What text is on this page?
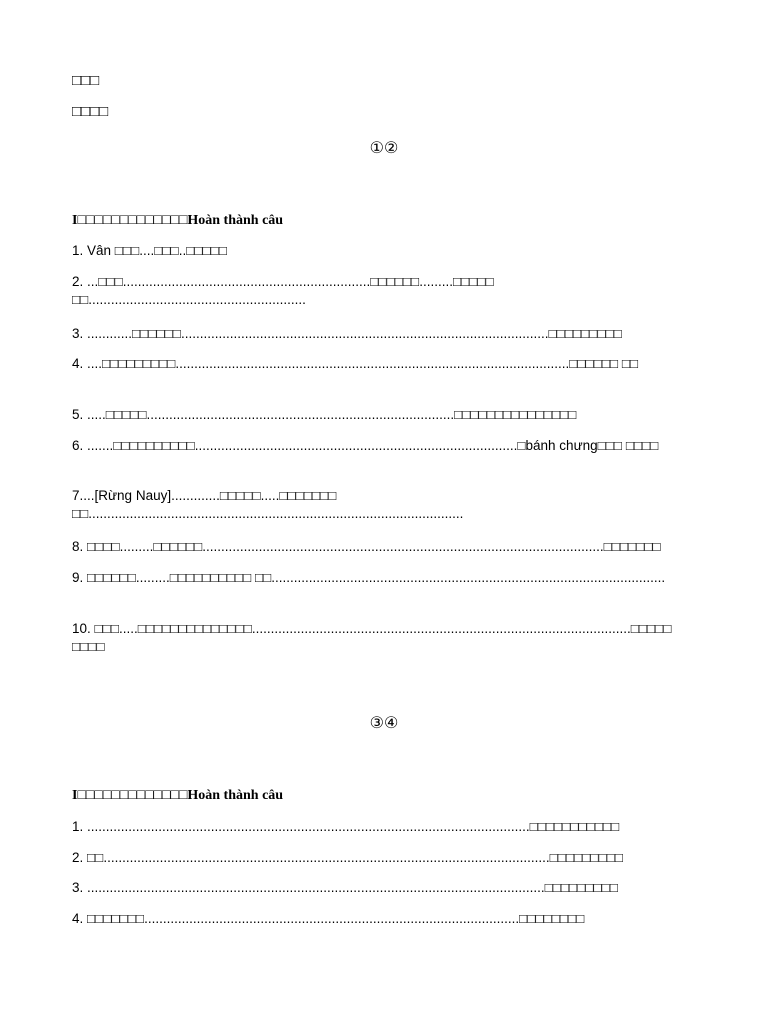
□□□
□□□□
①②
I□□□□□□□□□□□□□Hoàn thành câu
1. Vân □□□....□□□..□□□□□
2. ...□□□..................................................................□□□□□□.........□□□□□ □□..........................................................
3. ............□□□□□□..................................................................................................□□□□□□□□□
4. ....□□□□□□□□□.........................................................................................................□□□□□□ □□
5. .....□□□□□..................................................................................□□□□□□□□□□□□□□□
6. .......□□□□□□□□□□......................................................................................□bánh chưng□□□ □□□□
7....[Rừng Nauy].............□□□□□.....□□□□□□□ □□....................................................................................................
8. □□□□.........□□□□□□...........................................................................................................□□□□□□□
9. □□□□□□.........□□□□□□□□□□ □□.........................................................................................................
10. □□□.....□□□□□□□□□□□□□□.....................................................................................................□□□□□ □□□□
③④
I□□□□□□□□□□□□□Hoàn thành câu
1. ......................................................................................................................□□□□□□□□□□□
2. □□.......................................................................................................................□□□□□□□□□
3. ..........................................................................................................................□□□□□□□□□
4. □□□□□□□....................................................................................................□□□□□□□□
